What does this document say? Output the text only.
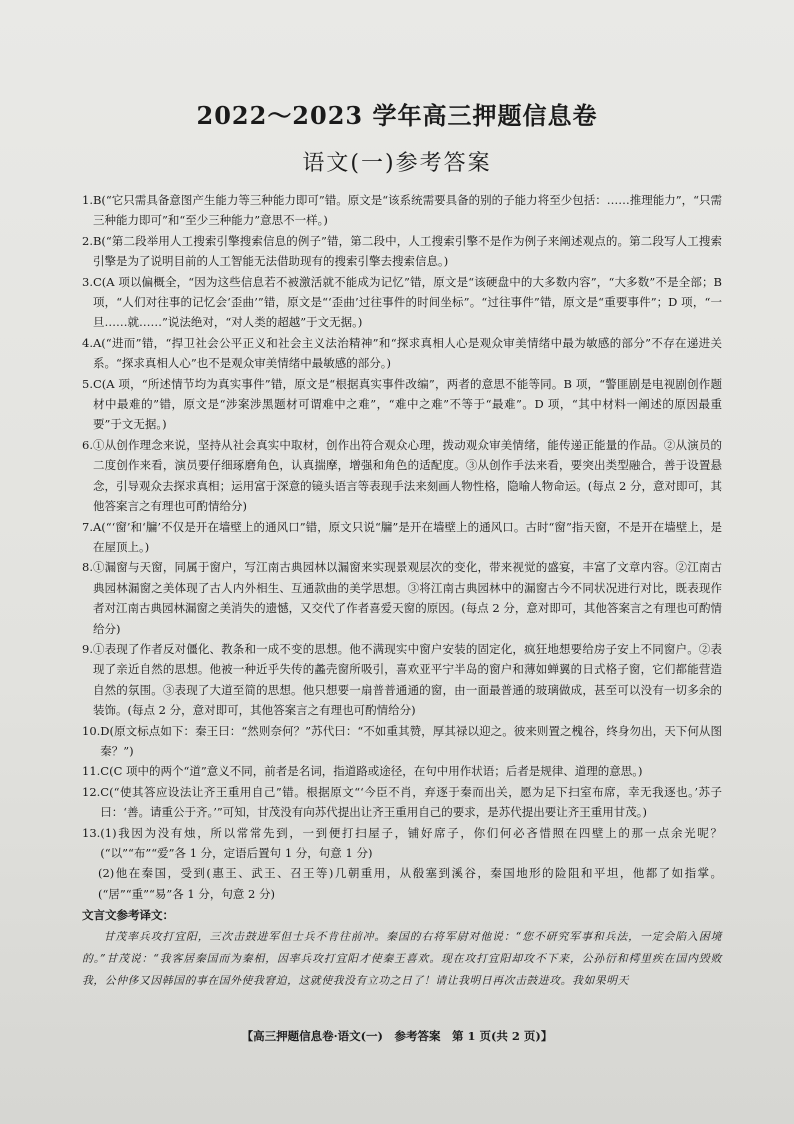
2022～2023 学年高三押题信息卷
语文(一)参考答案
1. B(“它只需具备意图产生能力等三种能力即可”错。原文是“该系统需要具备的别的子能力将至少包括：……推理能力”，“只需三种能力即可”和“至少三种能力”意思不一样。)
2. B(“第二段举用人工搜索引擎搜索信息的例子”错，第二段中，人工搜索引擎不是作为例子来阐述观点的。第二段写人工搜索引擎是为了说明目前的人工智能无法借助现有的搜索引擎去搜索信息。)
3. C(A 项以偏概全，“因为这些信息若不被激活就不能成为记忆”错，原文是“该硬盘中的大多数内容”，“大多数”不是全部；B 项，“人们对往事的记忆会‘歪曲’”错，原文是“‘歪曲’过往事件的时间坐标”。“过往事件”错，原文是“重要事件”；D 项，“一旦……就……”说法绝对，“对人类的超越”于文无据。)
4. A(“进而”错，“捍卫社会公平正义和社会主义法治精神”和“探求真相人心是观众审美情绪中最为敏感的部分”不存在递进关系。“探求真相人心”也不是观众审美情绪中最敏感的部分。)
5. C(A 项，“所述情节均为真实事件”错，原文是“根据真实事件改编”，两者的意思不能等同。B 项，“警匪剧是电视剧创作题材中最难的”错，原文是“涉案涉黑题材可谓难中之难”，“难中之难”不等于“最难”。D 项，“其中材料一阐述的原因最重要”于文无据。)
6. ①从创作理念来说，坚持从社会真实中取材，创作出符合观众心理，拨动观众审美情绪，能传递正能量的作品。②从演员的二度创作来看，演员要仔细琢磨角色，认真揣摩，增强和角色的适配度。③从创作手法来看，要突出类型融合，善于设置悬念，引导观众去探求真相；运用富于深意的镜头语言等表现手法来刻画人物性格，隐喻人物命运。(每点 2 分，意对即可，其他答案言之有理也可酌情给分)
7. A(“‘窗’和‘牖’不仅是开在墙壁上的通风口”错，原文只说“牖”是开在墙壁上的通风口。古时“窗”指天窗，不是开在墙壁上，是在屋顶上。)
8. ①漏窗与天窗，同属于窗户，写江南古典园林以漏窗来实现景观层次的变化，带来视觉的盛宴，丰富了文章内容。②江南古典园林漏窗之美体现了古人内外相生、互通款曲的美学思想。③将江南古典园林中的漏窗古今不同状况进行对比，既表现作者对江南古典园林漏窗之美消失的遗憾，又交代了作者喜爱天窗的原因。(每点 2 分，意对即可，其他答案言之有理也可酌情给分)
9. ①表现了作者反对僵化、教条和一成不变的思想。他不满现实中窗户安装的固定化，疯狂地想要给房子安上不同窗户。②表现了亲近自然的思想。他被一种近乎失传的蠡壳窗所吸引，喜欢亚平宁半岛的窗户和薄如蝉翼的日式格子窗，它们都能营造自然的氛围。③表现了大道至简的思想。他只想要一扇普普通通的窗，由一面最普通的玻璃做成，甚至可以没有一切多余的装饰。(每点 2 分，意对即可，其他答案言之有理也可酌情给分)
10. D(原文标点如下：秦王曰：“然则奈何？”苏代曰：“不如重其赞，厚其禄以迎之。彼来则置之槐谷，终身勿出，天下何从图秦？”)
11. C(C 项中的两个“道”意义不同，前者是名词，指道路或途径，在句中用作状语；后者是规律、道理的意思。)
12. C(“使其答应设法让齐王重用自己”错。根据原文“‘今臣不肖，弃逐于秦而出关，愿为足下扫室布席，幸无我逐也。’苏子曰：‘善。请重公于齐。’”可知，甘茂没有向苏代提出让齐王重用自己的要求，是苏代提出要让齐王重用甘茂。)
13. (1)我因为没有烛，所以常常先到，一到便打扫屋子，铺好席子，你们何必吝惜照在四壁上的那一点余光呢？(“以”“布”“爱”各 1 分，定语后置句 1 分，句意 1 分)
(2)他在秦国，受到(惠王、武王、召王等)几朝重用，从殽塞到溪谷，秦国地形的险阻和平坦，他都了如指掌。(“居”“重”“易”各 1 分，句意 2 分)
文言文参考译文：
甘茂率兵攻打宜阳，三次击鼓进军但士兵不肯往前冲。秦国的右将军尉对他说：“您不研究军事和兵法，一定会陷入困境的。”甘茂说：“我客居秦国而为秦相，因率兵攻打宜阳才使秦王喜欢。现在攻打宜阳却攻不下来，公孙衍和樗里疾在国内毁败我，公仲侈又因韩国的事在国外使我窘迫，这就使我没有立功之日了！请让我明日再次击鼓进攻。我如果明天
【高三押题信息卷·语文(一)　参考答案　第 1 页(共 2 页)】
